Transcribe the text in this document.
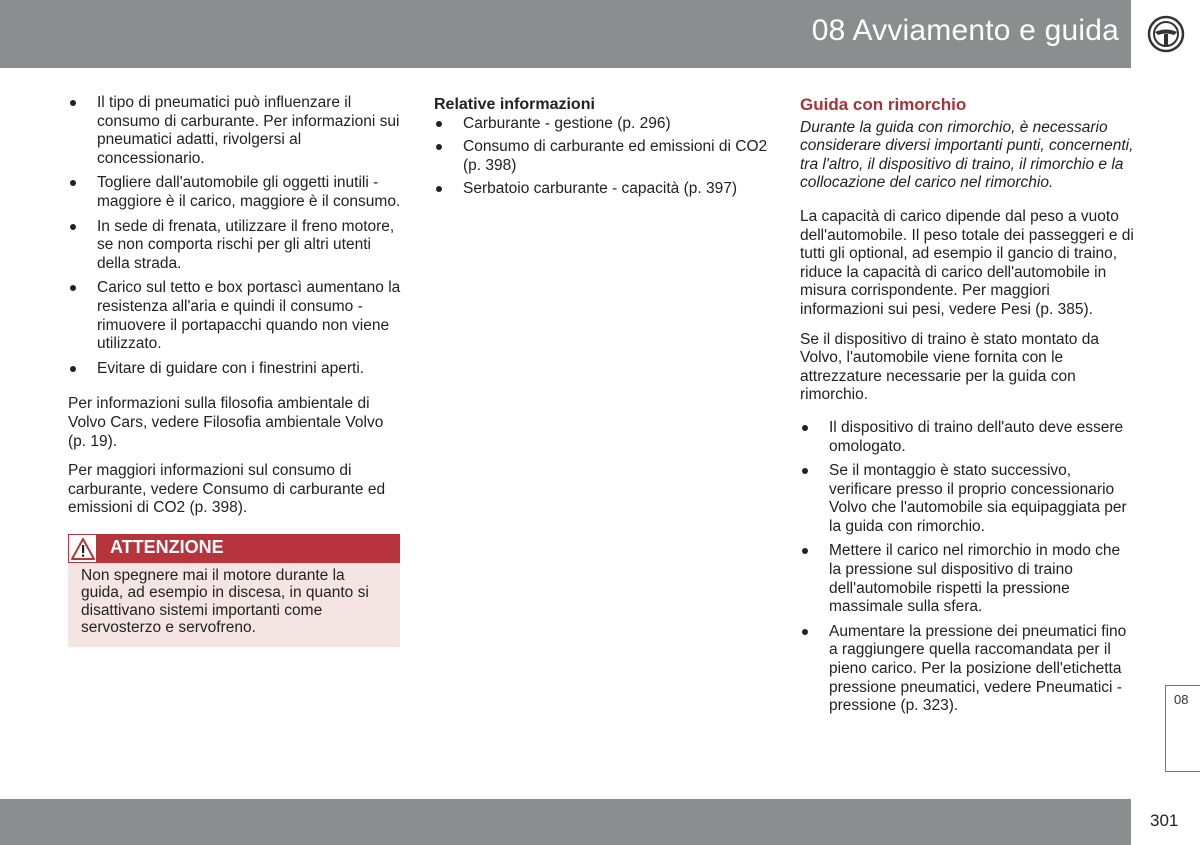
08 Avviamento e guida
Il tipo di pneumatici può influenzare il consumo di carburante. Per informazioni sui pneumatici adatti, rivolgersi al concessionario.
Togliere dall'automobile gli oggetti inutili - maggiore è il carico, maggiore è il consumo.
In sede di frenata, utilizzare il freno motore, se non comporta rischi per gli altri utenti della strada.
Carico sul tetto e box portascì aumentano la resistenza all'aria e quindi il consumo - rimuovere il portapacchi quando non viene utilizzato.
Evitare di guidare con i finestrini aperti.

Per informazioni sulla filosofia ambientale di Volvo Cars, vedere Filosofia ambientale Volvo (p. 19).

Per maggiori informazioni sul consumo di carburante, vedere Consumo di carburante ed emissioni di CO2 (p. 398).

ATTENZIONE
Non spegnere mai il motore durante la guida, ad esempio in discesa, in quanto si disattivano sistemi importanti come servosterzo e servofreno.
Relative informazioni
Carburante - gestione (p. 296)
Consumo di carburante ed emissioni di CO2 (p. 398)
Serbatoio carburante - capacità (p. 397)
Guida con rimorchio

Durante la guida con rimorchio, è necessario considerare diversi importanti punti, concernenti, tra l'altro, il dispositivo di traino, il rimorchio e la collocazione del carico nel rimorchio.

La capacità di carico dipende dal peso a vuoto dell'automobile. Il peso totale dei passeggeri e di tutti gli optional, ad esempio il gancio di traino, riduce la capacità di carico dell'automobile in misura corrispondente. Per maggiori informazioni sui pesi, vedere Pesi (p. 385).

Se il dispositivo di traino è stato montato da Volvo, l'automobile viene fornita con le attrezzature necessarie per la guida con rimorchio.

Il dispositivo di traino dell'auto deve essere omologato.
Se il montaggio è stato successivo, verificare presso il proprio concessionario Volvo che l'automobile sia equipaggiata per la guida con rimorchio.
Mettere il carico nel rimorchio in modo che la pressione sul dispositivo di traino dell'automobile rispetti la pressione massimale sulla sfera.
Aumentare la pressione dei pneumatici fino a raggiungere quella raccomandata per il pieno carico. Per la posizione dell'etichetta pressione pneumatici, vedere Pneumatici - pressione (p. 323).	08
301
